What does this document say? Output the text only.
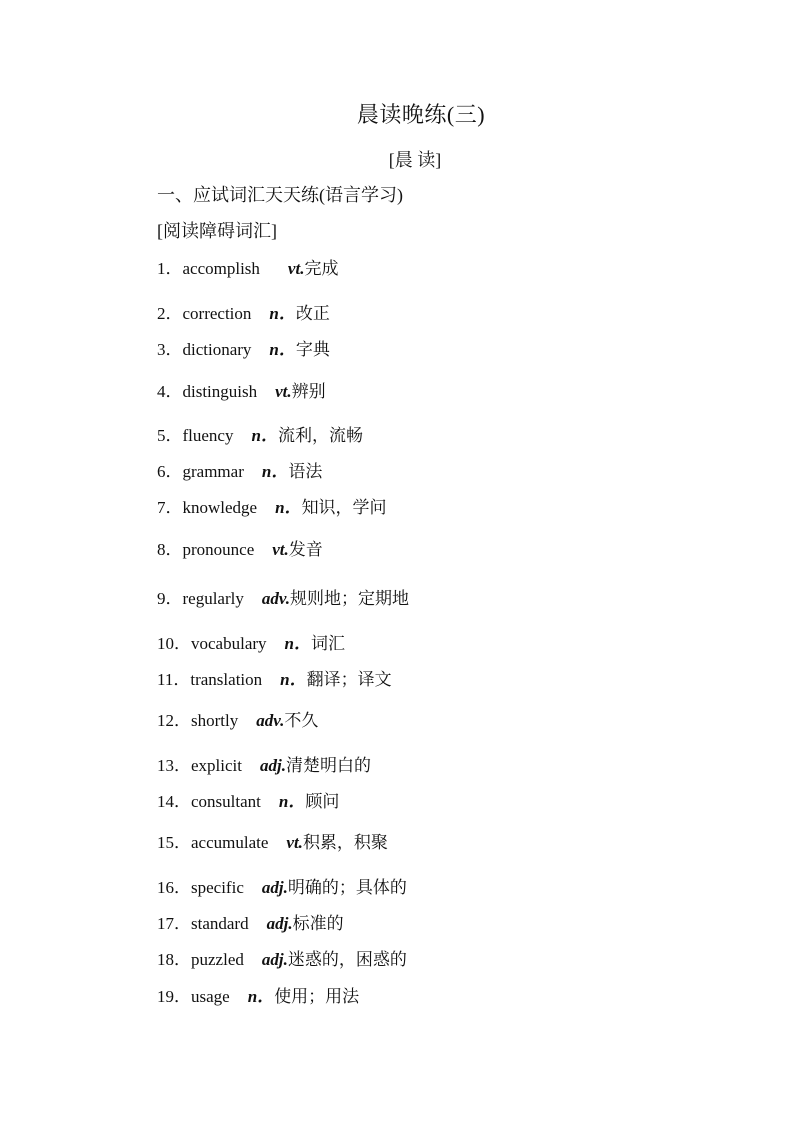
晨读晚练(三)
[晨 读]
一、应试词汇天天练(语言学习)
[阅读障碍词汇]
1．accomplish vt.完成
2．correction n．改正
3．dictionary n．字典
4．distinguish vt.辨别
5．fluency n．流利，流畅
6．grammar n．语法
7．knowledge n．知识，学问
8．pronounce vt.发音
9．regularly adv.规则地；定期地
10．vocabulary n．词汇
11．translation n．翻译；译文
12．shortly adv.不久
13．explicit adj.清楚明白的
14．consultant n．顾问
15．accumulate vt.积累，积聚
16．specific adj.明确的；具体的
17．standard adj.标准的
18．puzzled adj.迷惑的，困惑的
19．usage n．使用；用法
